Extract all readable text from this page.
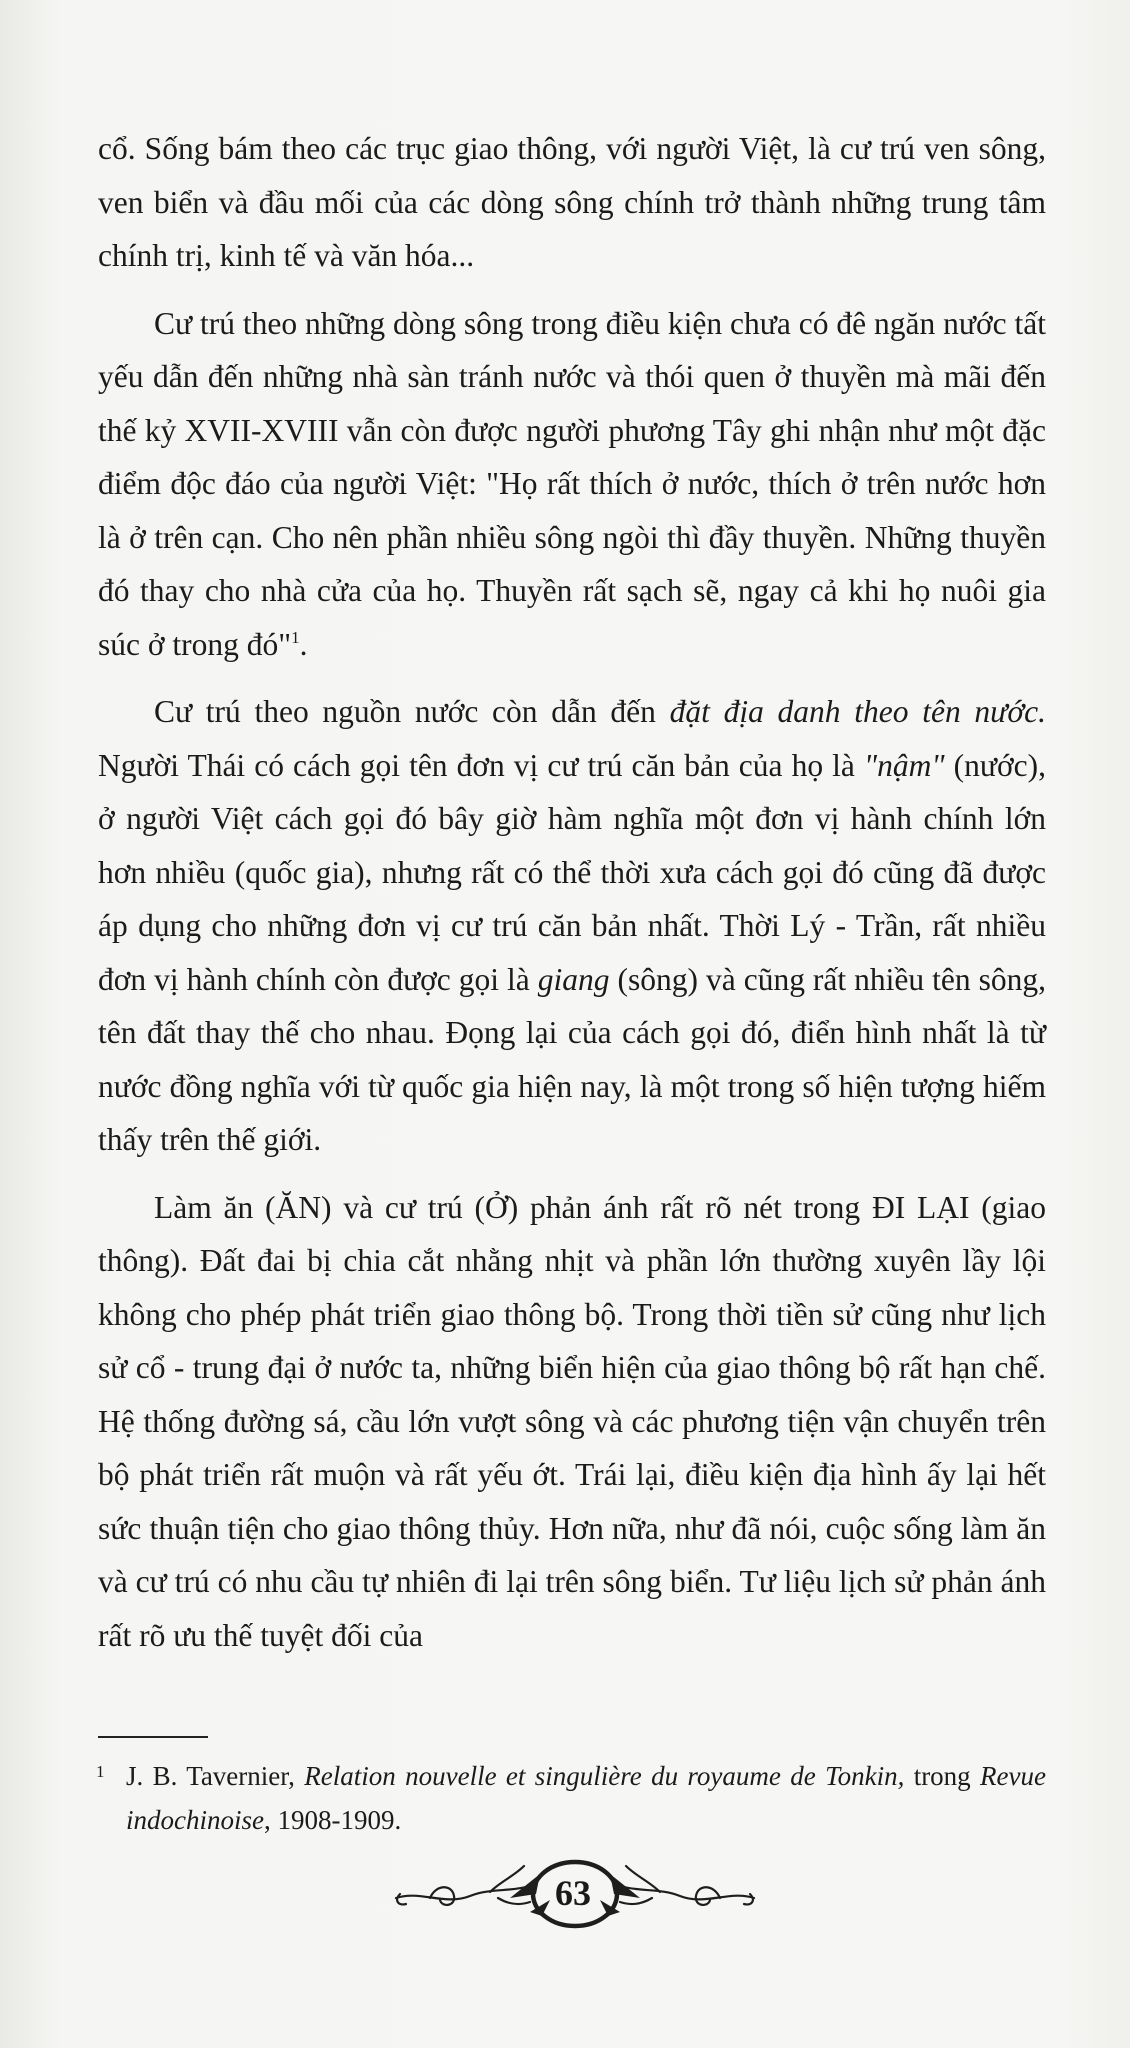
cổ. Sống bám theo các trục giao thông, với người Việt, là cư trú ven sông, ven biển và đầu mối của các dòng sông chính trở thành những trung tâm chính trị, kinh tế và văn hóa...

Cư trú theo những dòng sông trong điều kiện chưa có đê ngăn nước tất yếu dẫn đến những nhà sàn tránh nước và thói quen ở thuyền mà mãi đến thế kỷ XVII-XVIII vẫn còn được người phương Tây ghi nhận như một đặc điểm độc đáo của người Việt: "Họ rất thích ở nước, thích ở trên nước hơn là ở trên cạn. Cho nên phần nhiều sông ngòi thì đầy thuyền. Những thuyền đó thay cho nhà cửa của họ. Thuyền rất sạch sẽ, ngay cả khi họ nuôi gia súc ở trong đó"$^1$.

Cư trú theo nguồn nước còn dẫn đến đặt địa danh theo tên nước. Người Thái có cách gọi tên đơn vị cư trú căn bản của họ là "nậm" (nước), ở người Việt cách gọi đó bây giờ hàm nghĩa một đơn vị hành chính lớn hơn nhiều (quốc gia), nhưng rất có thể thời xưa cách gọi đó cũng đã được áp dụng cho những đơn vị cư trú căn bản nhất. Thời Lý - Trần, rất nhiều đơn vị hành chính còn được gọi là giang (sông) và cũng rất nhiều tên sông, tên đất thay thế cho nhau. Đọng lại của cách gọi đó, điển hình nhất là từ nước đồng nghĩa với từ quốc gia hiện nay, là một trong số hiện tượng hiếm thấy trên thế giới.

Làm ăn (ĂN) và cư trú (Ở) phản ánh rất rõ nét trong ĐI LẠI (giao thông). Đất đai bị chia cắt nhằng nhịt và phần lớn thường xuyên lầy lội không cho phép phát triển giao thông bộ. Trong thời tiền sử cũng như lịch sử cổ - trung đại ở nước ta, những biển hiện của giao thông bộ rất hạn chế. Hệ thống đường sá, cầu lớn vượt sông và các phương tiện vận chuyển trên bộ phát triển rất muộn và rất yếu ớt. Trái lại, điều kiện địa hình ấy lại hết sức thuận tiện cho giao thông thủy. Hơn nữa, như đã nói, cuộc sống làm ăn và cư trú có nhu cầu tự nhiên đi lại trên sông biển. Tư liệu lịch sử phản ánh rất rõ ưu thế tuyệt đối của

1 J. B. Tavernier, Relation nouvelle et singulière du royaume de Tonkin, trong Revue indochinoise, 1908-1909.
63
